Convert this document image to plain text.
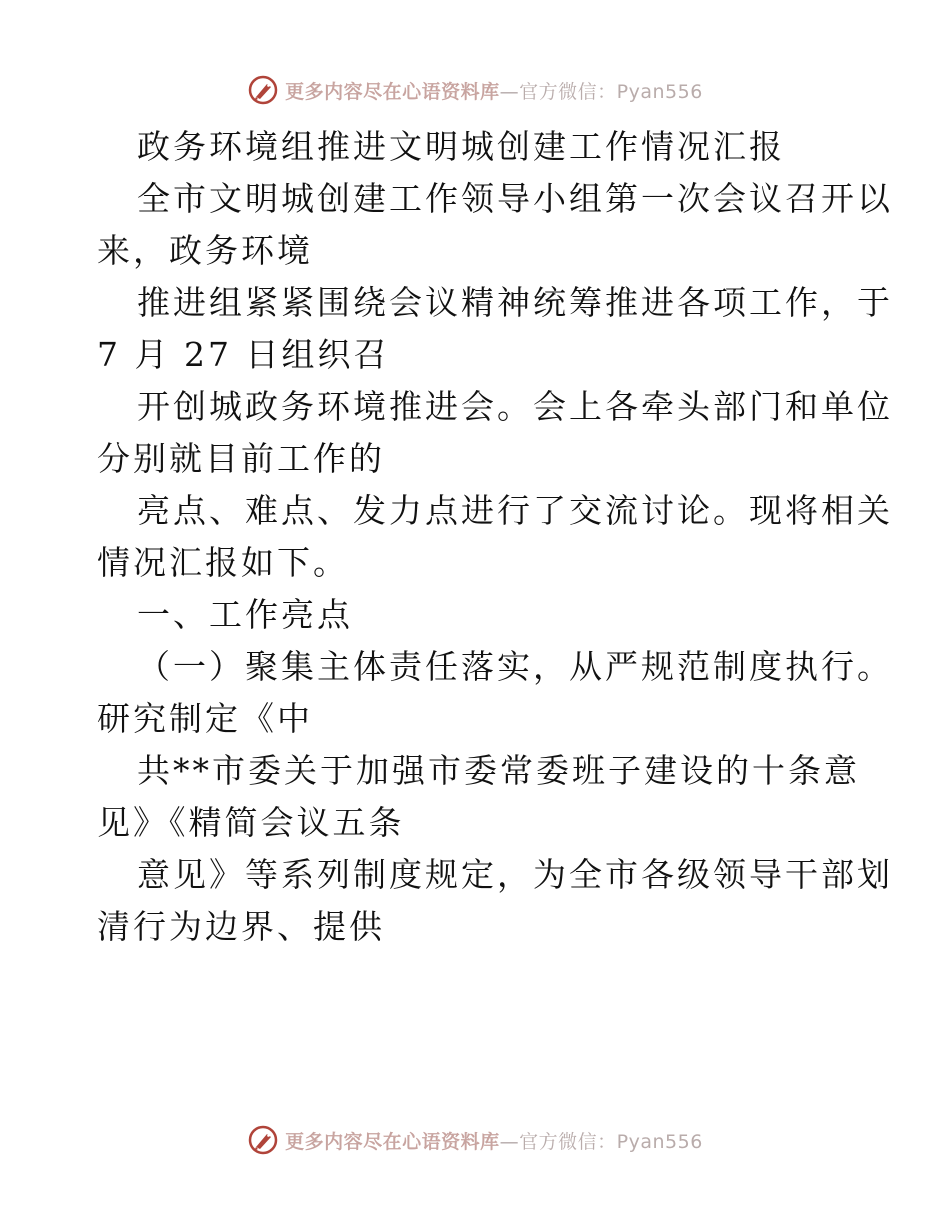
更多内容尽在心语资料库—官方微信：Pyan556
政务环境组推进文明城创建工作情况汇报
全市文明城创建工作领导小组第一次会议召开以
来，政务环境
推进组紧紧围绕会议精神统筹推进各项工作，于
7 月 27 日组织召
开创城政务环境推进会。会上各牵头部门和单位
分别就目前工作的
亮点、难点、发力点进行了交流讨论。现将相关
情况汇报如下。
一、工作亮点
（一）聚集主体责任落实，从严规范制度执行。
研究制定《中
共**市委关于加强市委常委班子建设的十条意
见》《精简会议五条
意见》等系列制度规定，为全市各级领导干部划
清行为边界、提供
更多内容尽在心语资料库—官方微信：Pyan556
